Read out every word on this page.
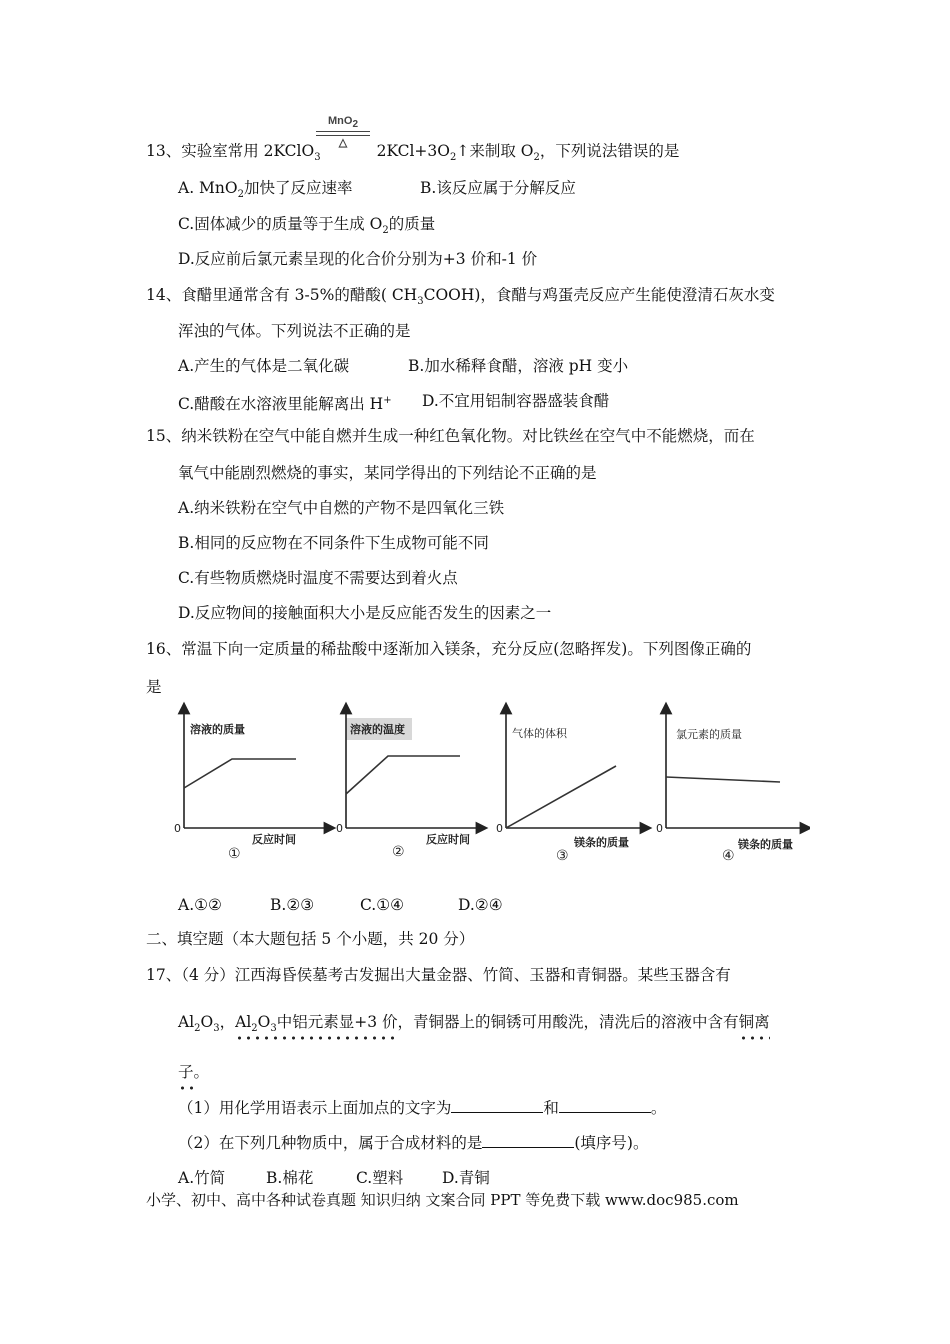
MnO$_2$
△
13、实验室常用 2KClO$_3$	$2KCl+3O_2↑$来制取 $O_2$，下列说法错误的是
A. MnO$_2$加快了反应速率	B.该反应属于分解反应
C.固体减少的质量等于生成 $O_2$的质量
D.反应前后氯元素呈现的化合价分别为+3 价和-1 价
14、食醋里通常含有 3-5%的醋酸( $CH_3COOH$)，食醋与鸡蛋壳反应产生能使澄清石灰水变
浑浊的气体。下列说法不正确的是
A.产生的气体是二氧化碳	B.加水稀释食醋，溶液 pH 变小
C.醋酸在水溶液里能解离出 H+ D.不宜用铝制容器盛装食醋
15、纳米铁粉在空气中能自燃并生成一种红色氧化物。对比铁丝在空气中不能燃烧，而在
氧气中能剧烈燃烧的事实，某同学得出的下列结论不正确的是
A.纳米铁粉在空气中自燃的产物不是四氧化三铁
B.相同的反应物在不同条件下生成物可能不同
C.有些物质燃烧时温度不需要达到着火点
D.反应物间的接触面积大小是反应能否发生的因素之一
16、常温下向一定质量的稀盐酸中逐渐加入镁条，充分反应(忽略挥发)。下列图像正确的
是
溶液的质量
反应时间
0
①
溶液的温度
反应时间
0
②
气体的体积
镁条的质量
0
③
氯元素的质量
镁条的质量
0
④
A.①②	B.②③	C.①④	D.②④
二、填空题（本大题包括 5 个小题，共 20 分）
17、（4 分）江西海昏侯墓考古发掘出大量金器、竹简、玉器和青铜器。某些玉器含有
$Al_2O_3$，$Al_2O_3$中铝元素显+3 价
，青铜器上的铜锈可用酸洗，清洗后的溶液中含有铜离
子
。
（1）用化学用语表示上面加点的文字为	和	。
（2）在下列几种物质中，属于合成材料的是	(填序号)。
A.竹简	B.棉花	C.塑料	D.青铜
小学、初中、高中各种试卷真题 知识归纳 文案合同 PPT 等免费下载 www.doc985.com
